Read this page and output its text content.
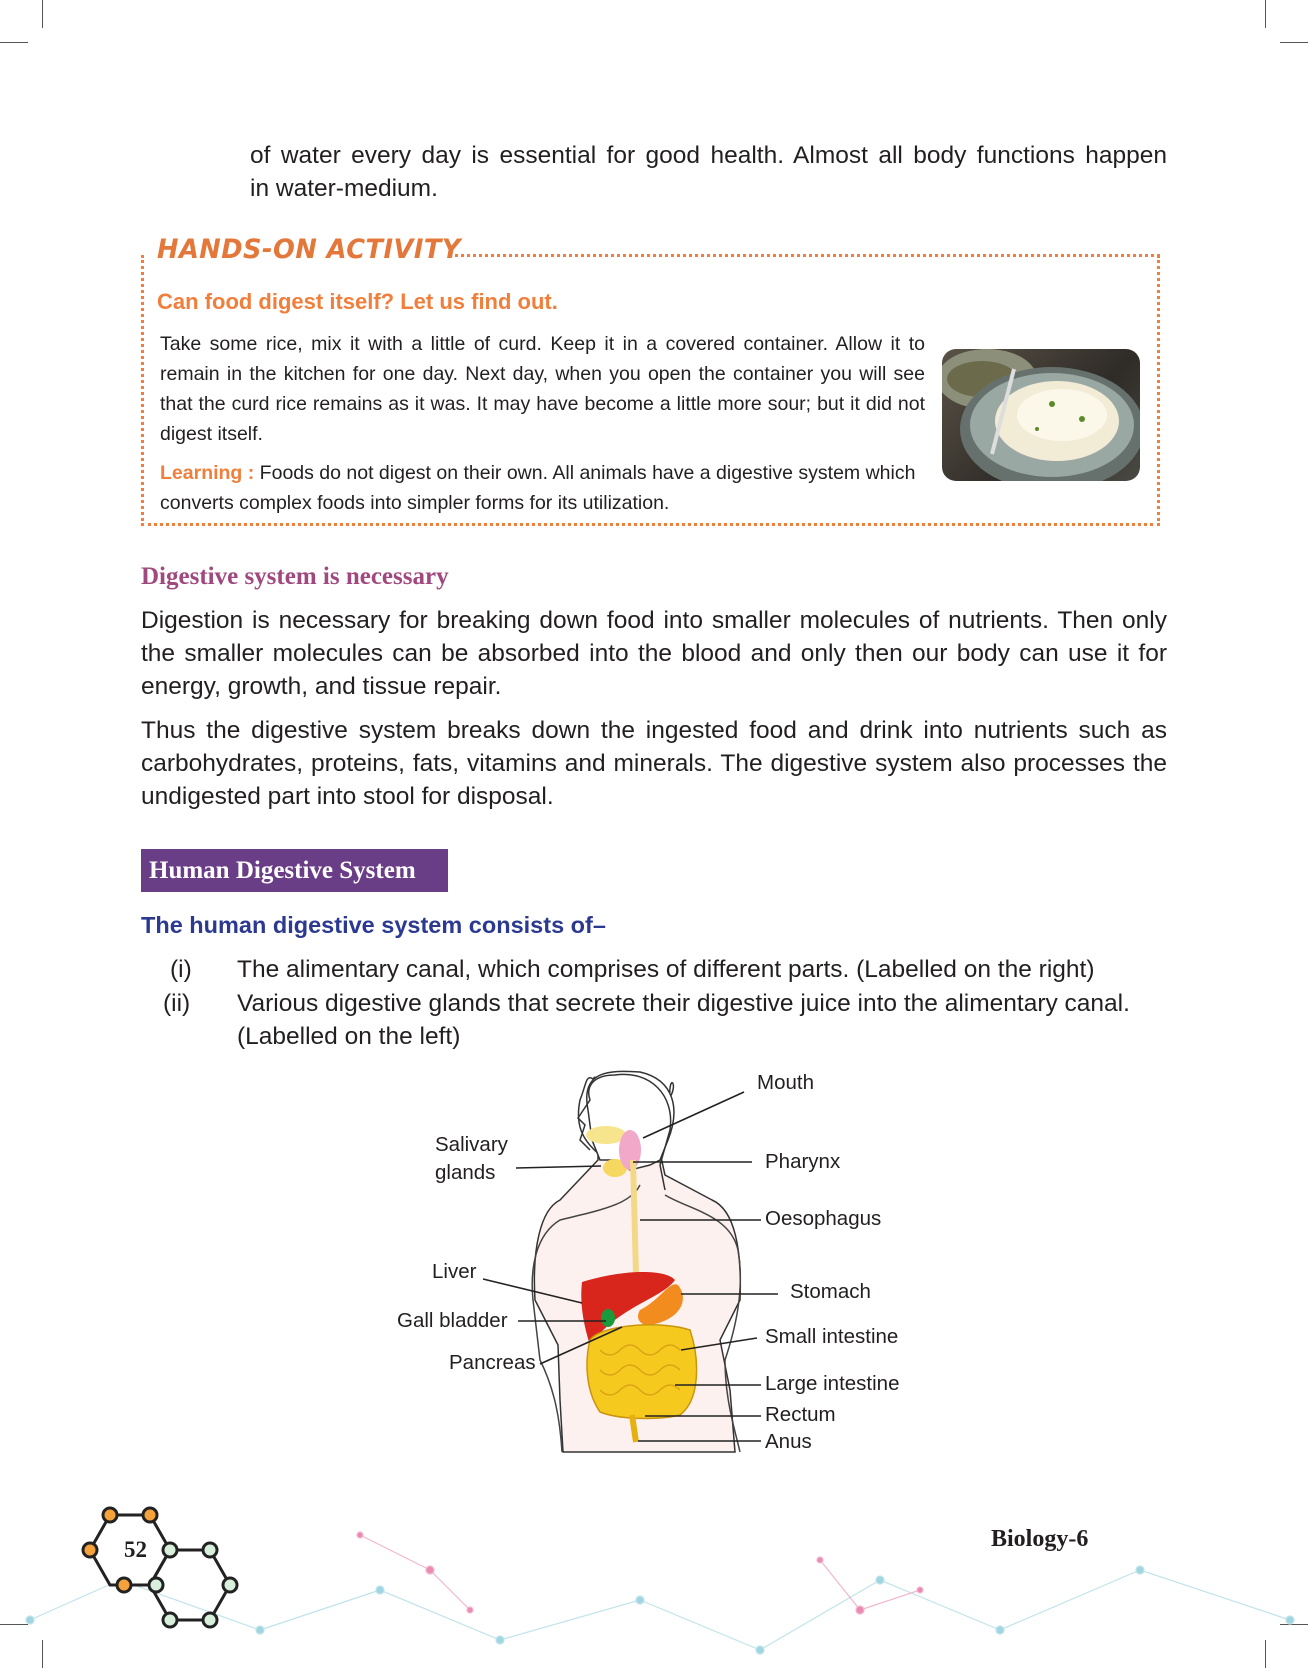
of water every day is essential for good health. Almost all body functions happen
in water-medium.
HANDS-ON ACTIVITY
Can food digest itself? Let us find out.
Take some rice, mix it with a little of curd. Keep it in a covered container. Allow it to remain in the kitchen for one day. Next day, when you open the container you will see that the curd rice remains as it was. It may have become a little more sour; but it did not digest itself.
Learning : Foods do not digest on their own. All animals have a digestive system which converts complex foods into simpler forms for its utilization.
Digestive system is necessary
Digestion is necessary for breaking down food into smaller molecules of nutrients. Then only the smaller molecules can be absorbed into the blood and only then our body can use it for energy, growth, and tissue repair.
Thus the digestive system breaks down the ingested food and drink into nutrients such as carbohydrates, proteins, fats, vitamins and minerals. The digestive system also processes the undigested part into stool for disposal.
Human Digestive System
The human digestive system consists of–
(i) The alimentary canal, which comprises of different parts. (Labelled on the right)
(ii) Various digestive glands that secrete their digestive juice into the alimentary canal. (Labelled on the left)
Mouth
Salivary
glands	Pharynx
Oesophagus
Liver
Stomach
Gall bladder
Small intestine
Pancreas
Large intestine
Rectum
Anus
52	Biology-6
